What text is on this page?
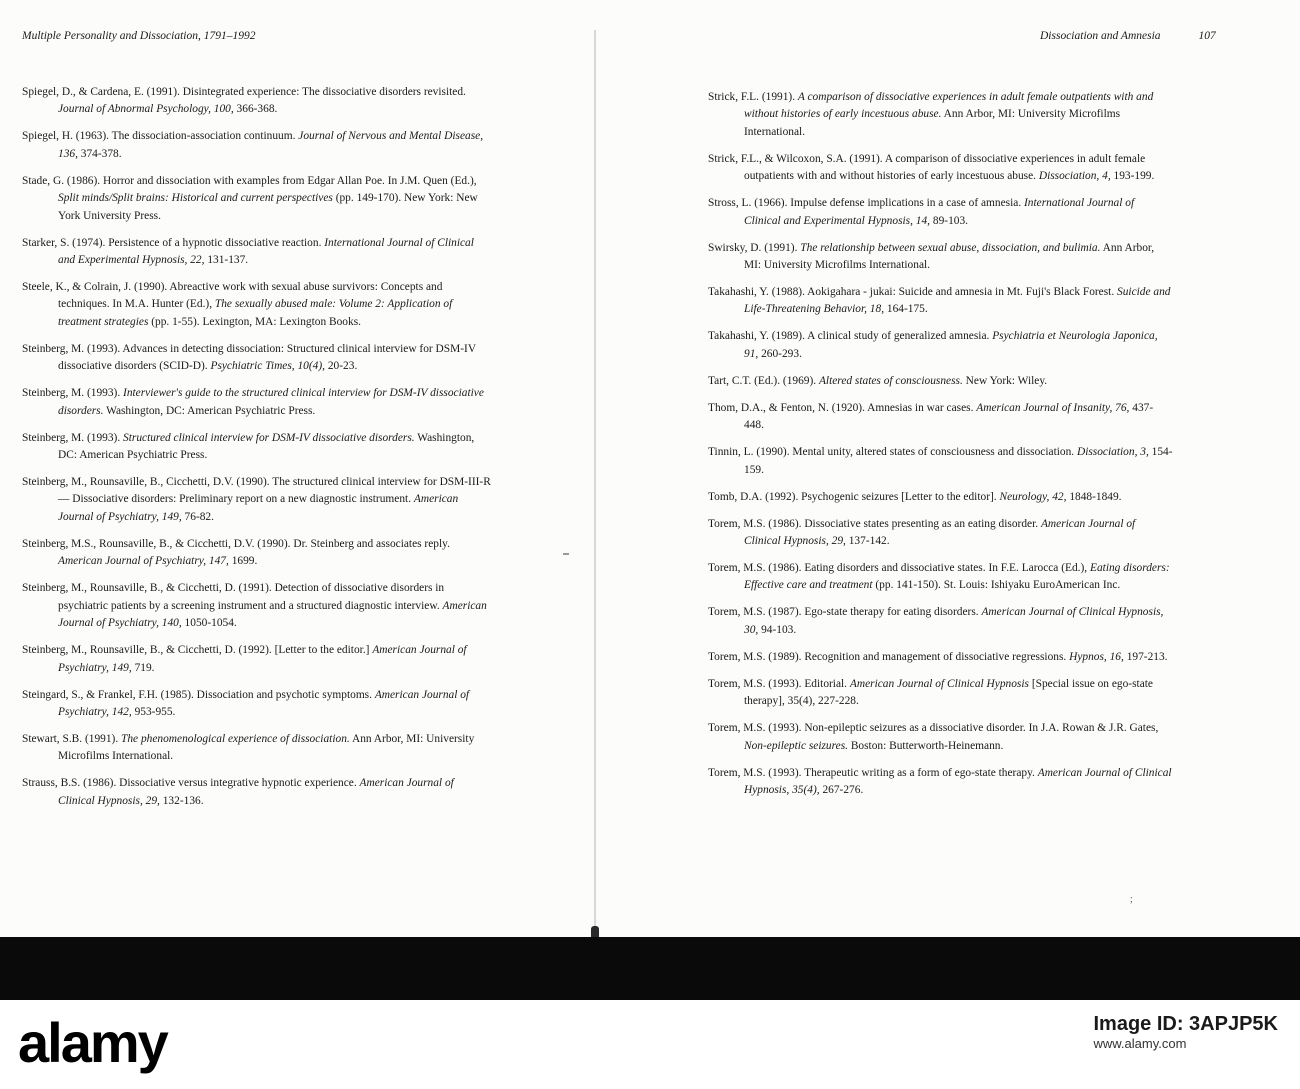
Multiple Personality and Dissociation, 1791–1992	Dissociation and Amnesia	107
Spiegel, D., & Cardena, E. (1991). Disintegrated experience: The dissociative disorders revisited. Journal of Abnormal Psychology, 100, 366-368.
Spiegel, H. (1963). The dissociation-association continuum. Journal of Nervous and Mental Disease, 136, 374-378.
Stade, G. (1986). Horror and dissociation with examples from Edgar Allan Poe. In J.M. Quen (Ed.), Split minds/Split brains: Historical and current perspectives (pp. 149-170). New York: New York University Press.
Starker, S. (1974). Persistence of a hypnotic dissociative reaction. International Journal of Clinical and Experimental Hypnosis, 22, 131-137.
Steele, K., & Colrain, J. (1990). Abreactive work with sexual abuse survivors: Concepts and techniques. In M.A. Hunter (Ed.), The sexually abused male: Volume 2: Application of treatment strategies (pp. 1-55). Lexington, MA: Lexington Books.
Steinberg, M. (1993). Advances in detecting dissociation: Structured clinical interview for DSM-IV dissociative disorders (SCID-D). Psychiatric Times, 10(4), 20-23.
Steinberg, M. (1993). Interviewer's guide to the structured clinical interview for DSM-IV dissociative disorders. Washington, DC: American Psychiatric Press.
Steinberg, M. (1993). Structured clinical interview for DSM-IV dissociative disorders. Washington, DC: American Psychiatric Press.
Steinberg, M., Rounsaville, B., Cicchetti, D.V. (1990). The structured clinical interview for DSM-III-R — Dissociative disorders: Preliminary report on a new diagnostic instrument. American Journal of Psychiatry, 149, 76-82.
Steinberg, M.S., Rounsaville, B., & Cicchetti, D.V. (1990). Dr. Steinberg and associates reply. American Journal of Psychiatry, 147, 1699.
Steinberg, M., Rounsaville, B., & Cicchetti, D. (1991). Detection of dissociative disorders in psychiatric patients by a screening instrument and a structured diagnostic interview. American Journal of Psychiatry, 140, 1050-1054.
Steinberg, M., Rounsaville, B., & Cicchetti, D. (1992). [Letter to the editor.] American Journal of Psychiatry, 149, 719.
Steingard, S., & Frankel, F.H. (1985). Dissociation and psychotic symptoms. American Journal of Psychiatry, 142, 953-955.
Stewart, S.B. (1991). The phenomenological experience of dissociation. Ann Arbor, MI: University Microfilms International.
Strauss, B.S. (1986). Dissociative versus integrative hypnotic experience. American Journal of Clinical Hypnosis, 29, 132-136.
Strick, F.L. (1991). A comparison of dissociative experiences in adult female outpatients with and without histories of early incestuous abuse. Ann Arbor, MI: University Microfilms International.
Strick, F.L., & Wilcoxon, S.A. (1991). A comparison of dissociative experiences in adult female outpatients with and without histories of early incestuous abuse. Dissociation, 4, 193-199.
Stross, L. (1966). Impulse defense implications in a case of amnesia. International Journal of Clinical and Experimental Hypnosis, 14, 89-103.
Swirsky, D. (1991). The relationship between sexual abuse, dissociation, and bulimia. Ann Arbor, MI: University Microfilms International.
Takahashi, Y. (1988). Aokigahara - jukai: Suicide and amnesia in Mt. Fuji's Black Forest. Suicide and Life-Threatening Behavior, 18, 164-175.
Takahashi, Y. (1989). A clinical study of generalized amnesia. Psychiatria et Neurologia Japonica, 91, 260-293.
Tart, C.T. (Ed.). (1969). Altered states of consciousness. New York: Wiley.
Thom, D.A., & Fenton, N. (1920). Amnesias in war cases. American Journal of Insanity, 76, 437-448.
Tinnin, L. (1990). Mental unity, altered states of consciousness and dissociation. Dissociation, 3, 154-159.
Tomb, D.A. (1992). Psychogenic seizures [Letter to the editor]. Neurology, 42, 1848-1849.
Torem, M.S. (1986). Dissociative states presenting as an eating disorder. American Journal of Clinical Hypnosis, 29, 137-142.
Torem, M.S. (1986). Eating disorders and dissociative states. In F.E. Larocca (Ed.), Eating disorders: Effective care and treatment (pp. 141-150). St. Louis: Ishiyaku EuroAmerican Inc.
Torem, M.S. (1987). Ego-state therapy for eating disorders. American Journal of Clinical Hypnosis, 30, 94-103.
Torem, M.S. (1989). Recognition and management of dissociative regressions. Hypnos, 16, 197-213.
Torem, M.S. (1993). Editorial. American Journal of Clinical Hypnosis [Special issue on ego-state therapy], 35(4), 227-228.
Torem, M.S. (1993). Non-epileptic seizures as a dissociative disorder. In J.A. Rowan & J.R. Gates, Non-epileptic seizures. Boston: Butterworth-Heinemann.
Torem, M.S. (1993). Therapeutic writing as a form of ego-state therapy. American Journal of Clinical Hypnosis, 35(4), 267-276.
;
alamy	Image ID: 3APJP5K
www.alamy.com
